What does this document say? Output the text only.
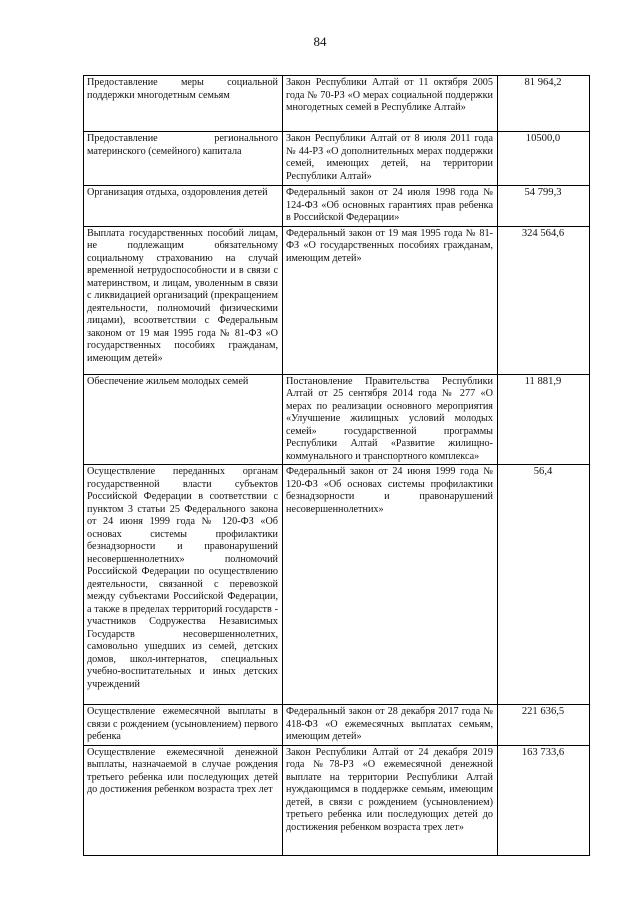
84
Предоставление меры социальной поддержки многодетным семьям	Закон Республики Алтай от 11 октября 2005 года № 70-РЗ «О мерах социальной поддержки многодетных семей в Республике Алтай»	81 964,2

Предоставление регионального материнского (семейного) капитала	Закон Республики Алтай от 8 июля 2011 года № 44-РЗ «О дополнительных мерах поддержки семей, имеющих детей, на территории Республики Алтай»	10500,0

Организация отдыха, оздоровления детей	Федеральный закон от 24 июля 1998 года № 124-ФЗ «Об основных гарантиях прав ребенка в Российской Федерации»	54 799,3

Выплата государственных пособий лицам, не подлежащим обязательному социальному страхованию на случай временной нетрудоспособности и в связи с материнством, и лицам, уволенным в связи с ликвидацией организаций (прекращением деятельности, полномочий физическими лицами), всоответствии с Федеральным законом от 19 мая 1995 года № 81-ФЗ «О государственных пособиях гражданам, имеющим детей»	Федеральный закон от 19 мая 1995 года № 81-ФЗ «О государственных пособиях гражданам, имеющим детей»	324 564,6

Обеспечение жильем молодых семей	Постановление Правительства Республики Алтай от 25 сентября 2014 года № 277 «О мерах по реализации основного мероприятия «Улучшение жилищных условий молодых семей» государственной программы Республики Алтай «Развитие жилищно-коммунального и транспортного комплекса»	11 881,9

Осуществление переданных органам государственной власти субъектов Российской Федерации в соответствии с пунктом 3 статьи 25 Федерального закона от 24 июня 1999 года № 120-ФЗ «Об основах системы профилактики безнадзорности и правонарушений несовершеннолетних» полномочий Российской Федерации по осуществлению деятельности, связанной с перевозкой между субъектами Российской Федерации, а также в пределах территорий государств - участников Содружества Независимых Государств несовершеннолетних, самовольно ушедших из семей, детских домов, школ-интернатов, специальных учебно-воспитательных и иных детских учреждений	Федеральный закон от 24 июня 1999 года № 120-ФЗ «Об основах системы профилактики безнадзорности и правонарушений несовершеннолетних»	56,4

Осуществление ежемесячной выплаты в связи с рождением (усыновлением) первого ребенка	Федеральный закон от 28 декабря 2017 года № 418-ФЗ «О ежемесячных выплатах семьям, имеющим детей»	221 636,5

Осуществление ежемесячной денежной выплаты, назначаемой в случае рождения третьего ребенка или последующих детей до достижения ребенком возраста трех лет	Закон Республики Алтай от 24 декабря 2019 года №78-РЗ «О ежемесячной денежной выплате на территории Республики Алтай нуждающимся в поддержке семьям, имеющим детей, в связи с рождением (усыновлением) третьего ребенка или последующих детей до достижения ребенком возраста трех лет»	163 733,6
